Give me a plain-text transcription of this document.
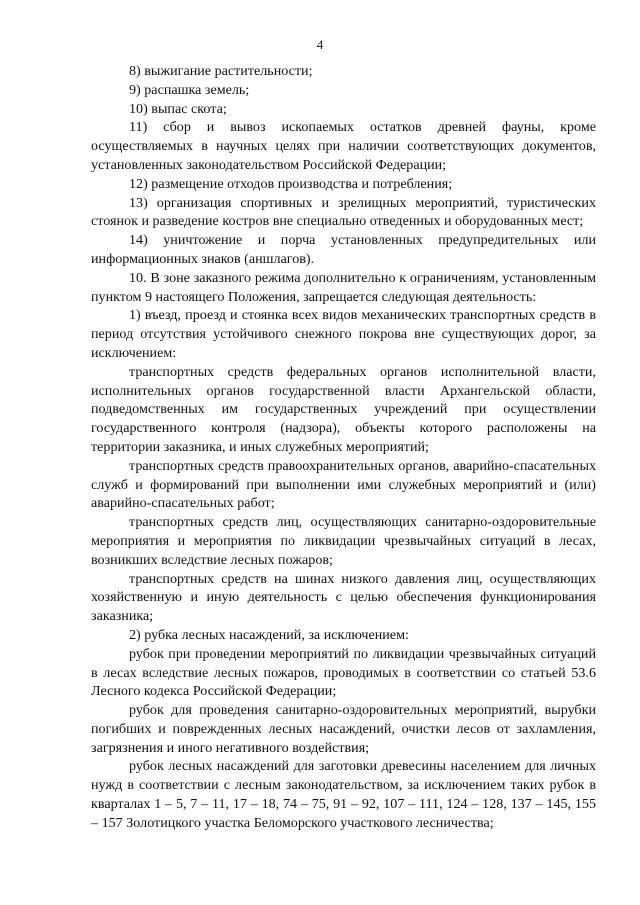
4

8) выжигание растительности;

9) распашка земель;

10) выпас скота;

11) сбор и вывоз ископаемых остатков древней фауны, кроме осуществляемых в научных целях при наличии соответствующих документов, установленных законодательством Российской Федерации;

12) размещение отходов производства и потребления;

13) организация спортивных и зрелищных мероприятий, туристических стоянок и разведение костров вне специально отведенных и оборудованных мест;

14) уничтожение и порча установленных предупредительных или информационных знаков (аншлагов).

10. В зоне заказного режима дополнительно к ограничениям, установленным пунктом 9 настоящего Положения, запрещается следующая деятельность:

1) въезд, проезд и стоянка всех видов механических транспортных средств в период отсутствия устойчивого снежного покрова вне существующих дорог, за исключением:

транспортных средств федеральных органов исполнительной власти, исполнительных органов государственной власти Архангельской области, подведомственных им государственных учреждений при осуществлении государственного контроля (надзора), объекты которого расположены на территории заказника, и иных служебных мероприятий;

транспортных средств правоохранительных органов, аварийно-спасательных служб и формирований при выполнении ими служебных мероприятий и (или) аварийно-спасательных работ;

транспортных средств лиц, осуществляющих санитарно-оздоровительные мероприятия и мероприятия по ликвидации чрезвычайных ситуаций в лесах, возникших вследствие лесных пожаров;

транспортных средств на шинах низкого давления лиц, осуществляющих хозяйственную и иную деятельность с целью обеспечения функционирования заказника;

2) рубка лесных насаждений, за исключением:

рубок при проведении мероприятий по ликвидации чрезвычайных ситуаций в лесах вследствие лесных пожаров, проводимых в соответствии со статьей 53.6 Лесного кодекса Российской Федерации;

рубок для проведения санитарно-оздоровительных мероприятий, вырубки погибших и поврежденных лесных насаждений, очистки лесов от захламления, загрязнения и иного негативного воздействия;

рубок лесных насаждений для заготовки древесины населением для личных нужд в соответствии с лесным законодательством, за исключением таких рубок в кварталах 1 – 5, 7 – 11, 17 – 18, 74 – 75, 91 – 92, 107 – 111, 124 – 128, 137 – 145, 155 – 157 Золотицкого участка Беломорского участкового лесничества;
